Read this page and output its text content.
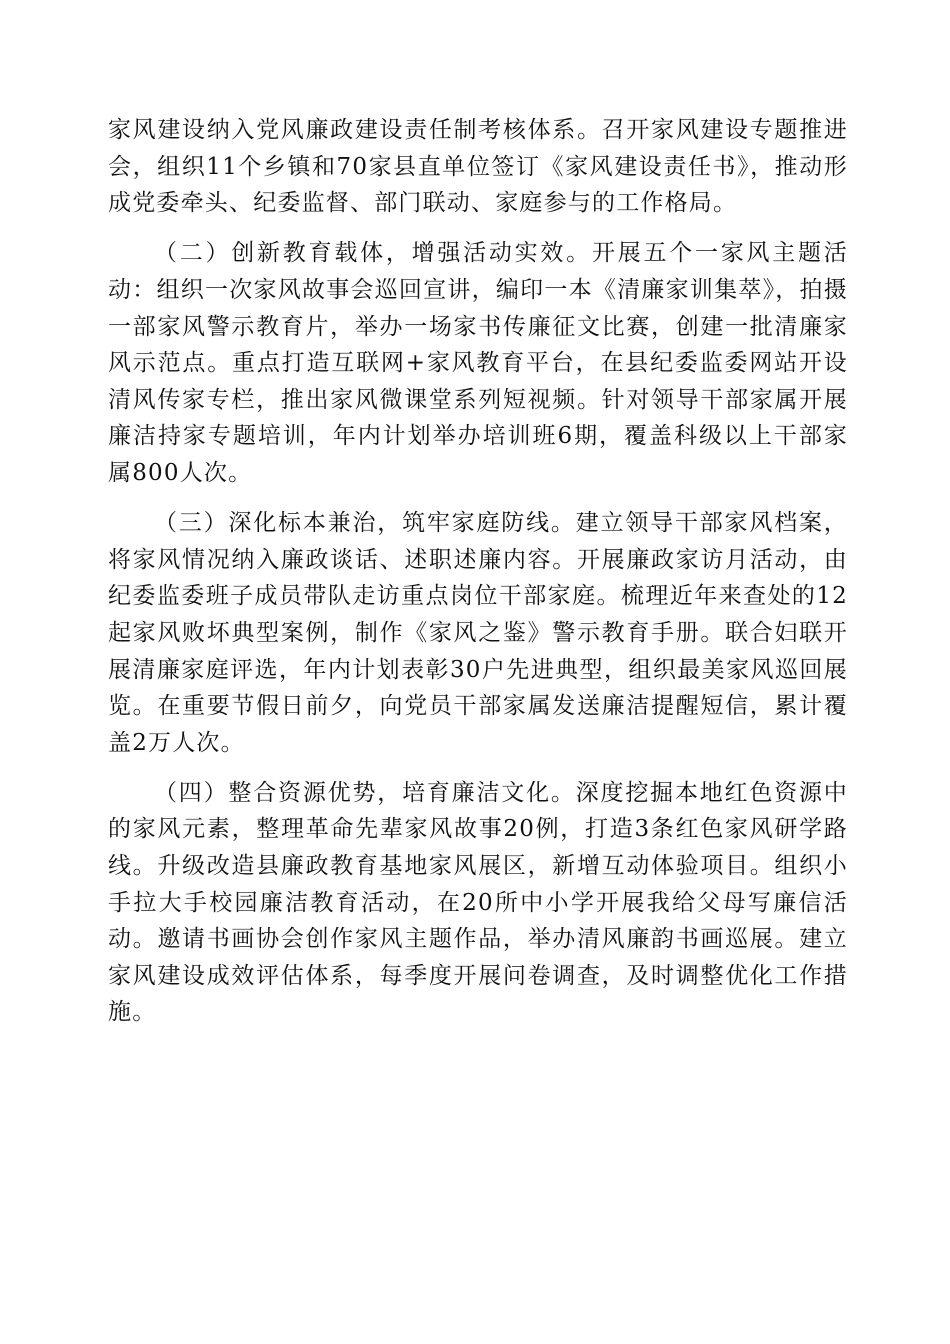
家风建设纳入党风廉政建设责任制考核体系。召开家风建设专题推进会，组织11个乡镇和70家县直单位签订《家风建设责任书》，推动形成党委牵头、纪委监督、部门联动、家庭参与的工作格局。

（二）创新教育载体，增强活动实效。开展五个一家风主题活动：组织一次家风故事会巡回宣讲，编印一本《清廉家训集萃》，拍摄一部家风警示教育片，举办一场家书传廉征文比赛，创建一批清廉家风示范点。重点打造互联网+家风教育平台，在县纪委监委网站开设清风传家专栏，推出家风微课堂系列短视频。针对领导干部家属开展廉洁持家专题培训，年内计划举办培训班6期，覆盖科级以上干部家属800人次。

（三）深化标本兼治，筑牢家庭防线。建立领导干部家风档案，将家风情况纳入廉政谈话、述职述廉内容。开展廉政家访月活动，由纪委监委班子成员带队走访重点岗位干部家庭。梳理近年来查处的12起家风败坏典型案例，制作《家风之鉴》警示教育手册。联合妇联开展清廉家庭评选，年内计划表彰30户先进典型，组织最美家风巡回展览。在重要节假日前夕，向党员干部家属发送廉洁提醒短信，累计覆盖2万人次。

（四）整合资源优势，培育廉洁文化。深度挖掘本地红色资源中的家风元素，整理革命先辈家风故事20例，打造3条红色家风研学路线。升级改造县廉政教育基地家风展区，新增互动体验项目。组织小手拉大手校园廉洁教育活动，在20所中小学开展我给父母写廉信活动。邀请书画协会创作家风主题作品，举办清风廉韵书画巡展。建立家风建设成效评估体系，每季度开展问卷调查，及时调整优化工作措施。
